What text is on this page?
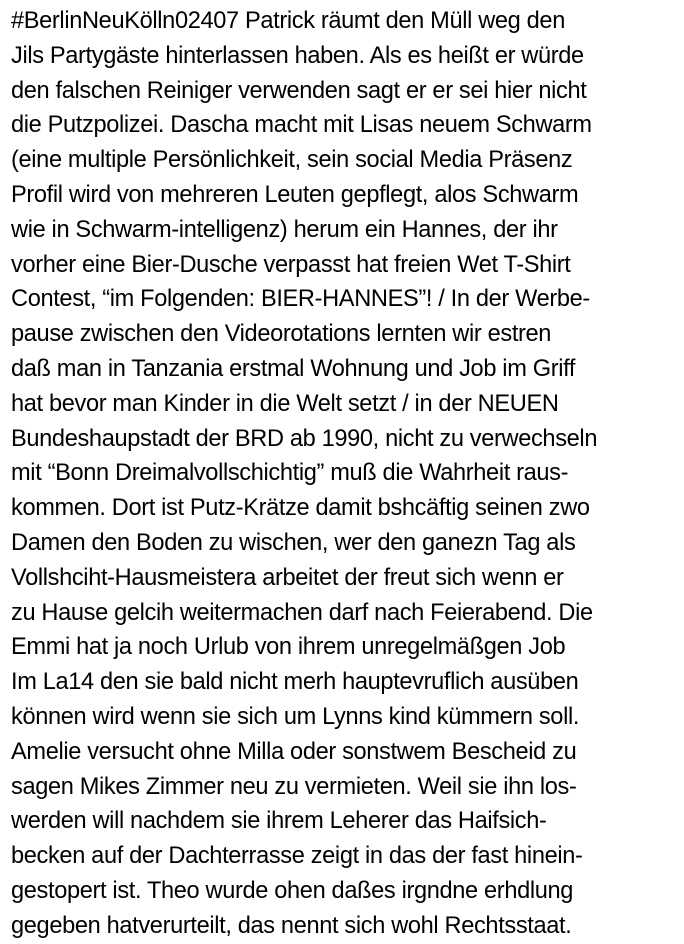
#BerlinNeuKölln02407 Patrick räumt den Müll weg den
Jils Partygäste hinterlassen haben. Als es heißt er würde
den falschen Reiniger verwenden sagt er er sei hier nicht
die Putzpolizei. Dascha macht mit Lisas neuem Schwarm
(eine multiple Persönlichkeit, sein social Media Präsenz
Profil wird von mehreren Leuten gepflegt, alos Schwarm
wie in Schwarm-intelligenz) herum ein Hannes, der ihr
vorher eine Bier-Dusche verpasst hat freien Wet T-Shirt
Contest, “im Folgenden: BIER-HANNES”! / In der Werbe-
pause zwischen den Videorotations lernten wir estren
daß man in Tanzania erstmal Wohnung und Job im Griff
hat bevor man Kinder in die Welt setzt / in der NEUEN
Bundeshaupstadt der BRD ab 1990, nicht zu verwechseln
mit “Bonn Dreimalvollschichtig” muß die Wahrheit raus-
kommen. Dort ist Putz-Krätze damit bshcäftig seinen zwo
Damen den Boden zu wischen, wer den ganezn Tag als
Vollshciht-Hausmeistera arbeitet der freut sich wenn er
zu Hause gelcih weitermachen darf nach Feierabend. Die
Emmi hat ja noch Urlub von ihrem unregelmäßgen Job
Im La14 den sie bald nicht merh hauptevruflich ausüben
können wird wenn sie sich um Lynns kind kümmern soll.
Amelie versucht ohne Milla oder sonstwem Bescheid zu
sagen Mikes Zimmer neu zu vermieten. Weil sie ihn los-
werden will nachdem sie ihrem Leherer das Haifsich-
becken auf der Dachterrasse zeigt in das der fast hinein-
gestopert ist. Theo wurde ohen daßes irgndne erhdlung
gegeben hatverurteilt, das nennt sich wohl Rechtsstaat.
